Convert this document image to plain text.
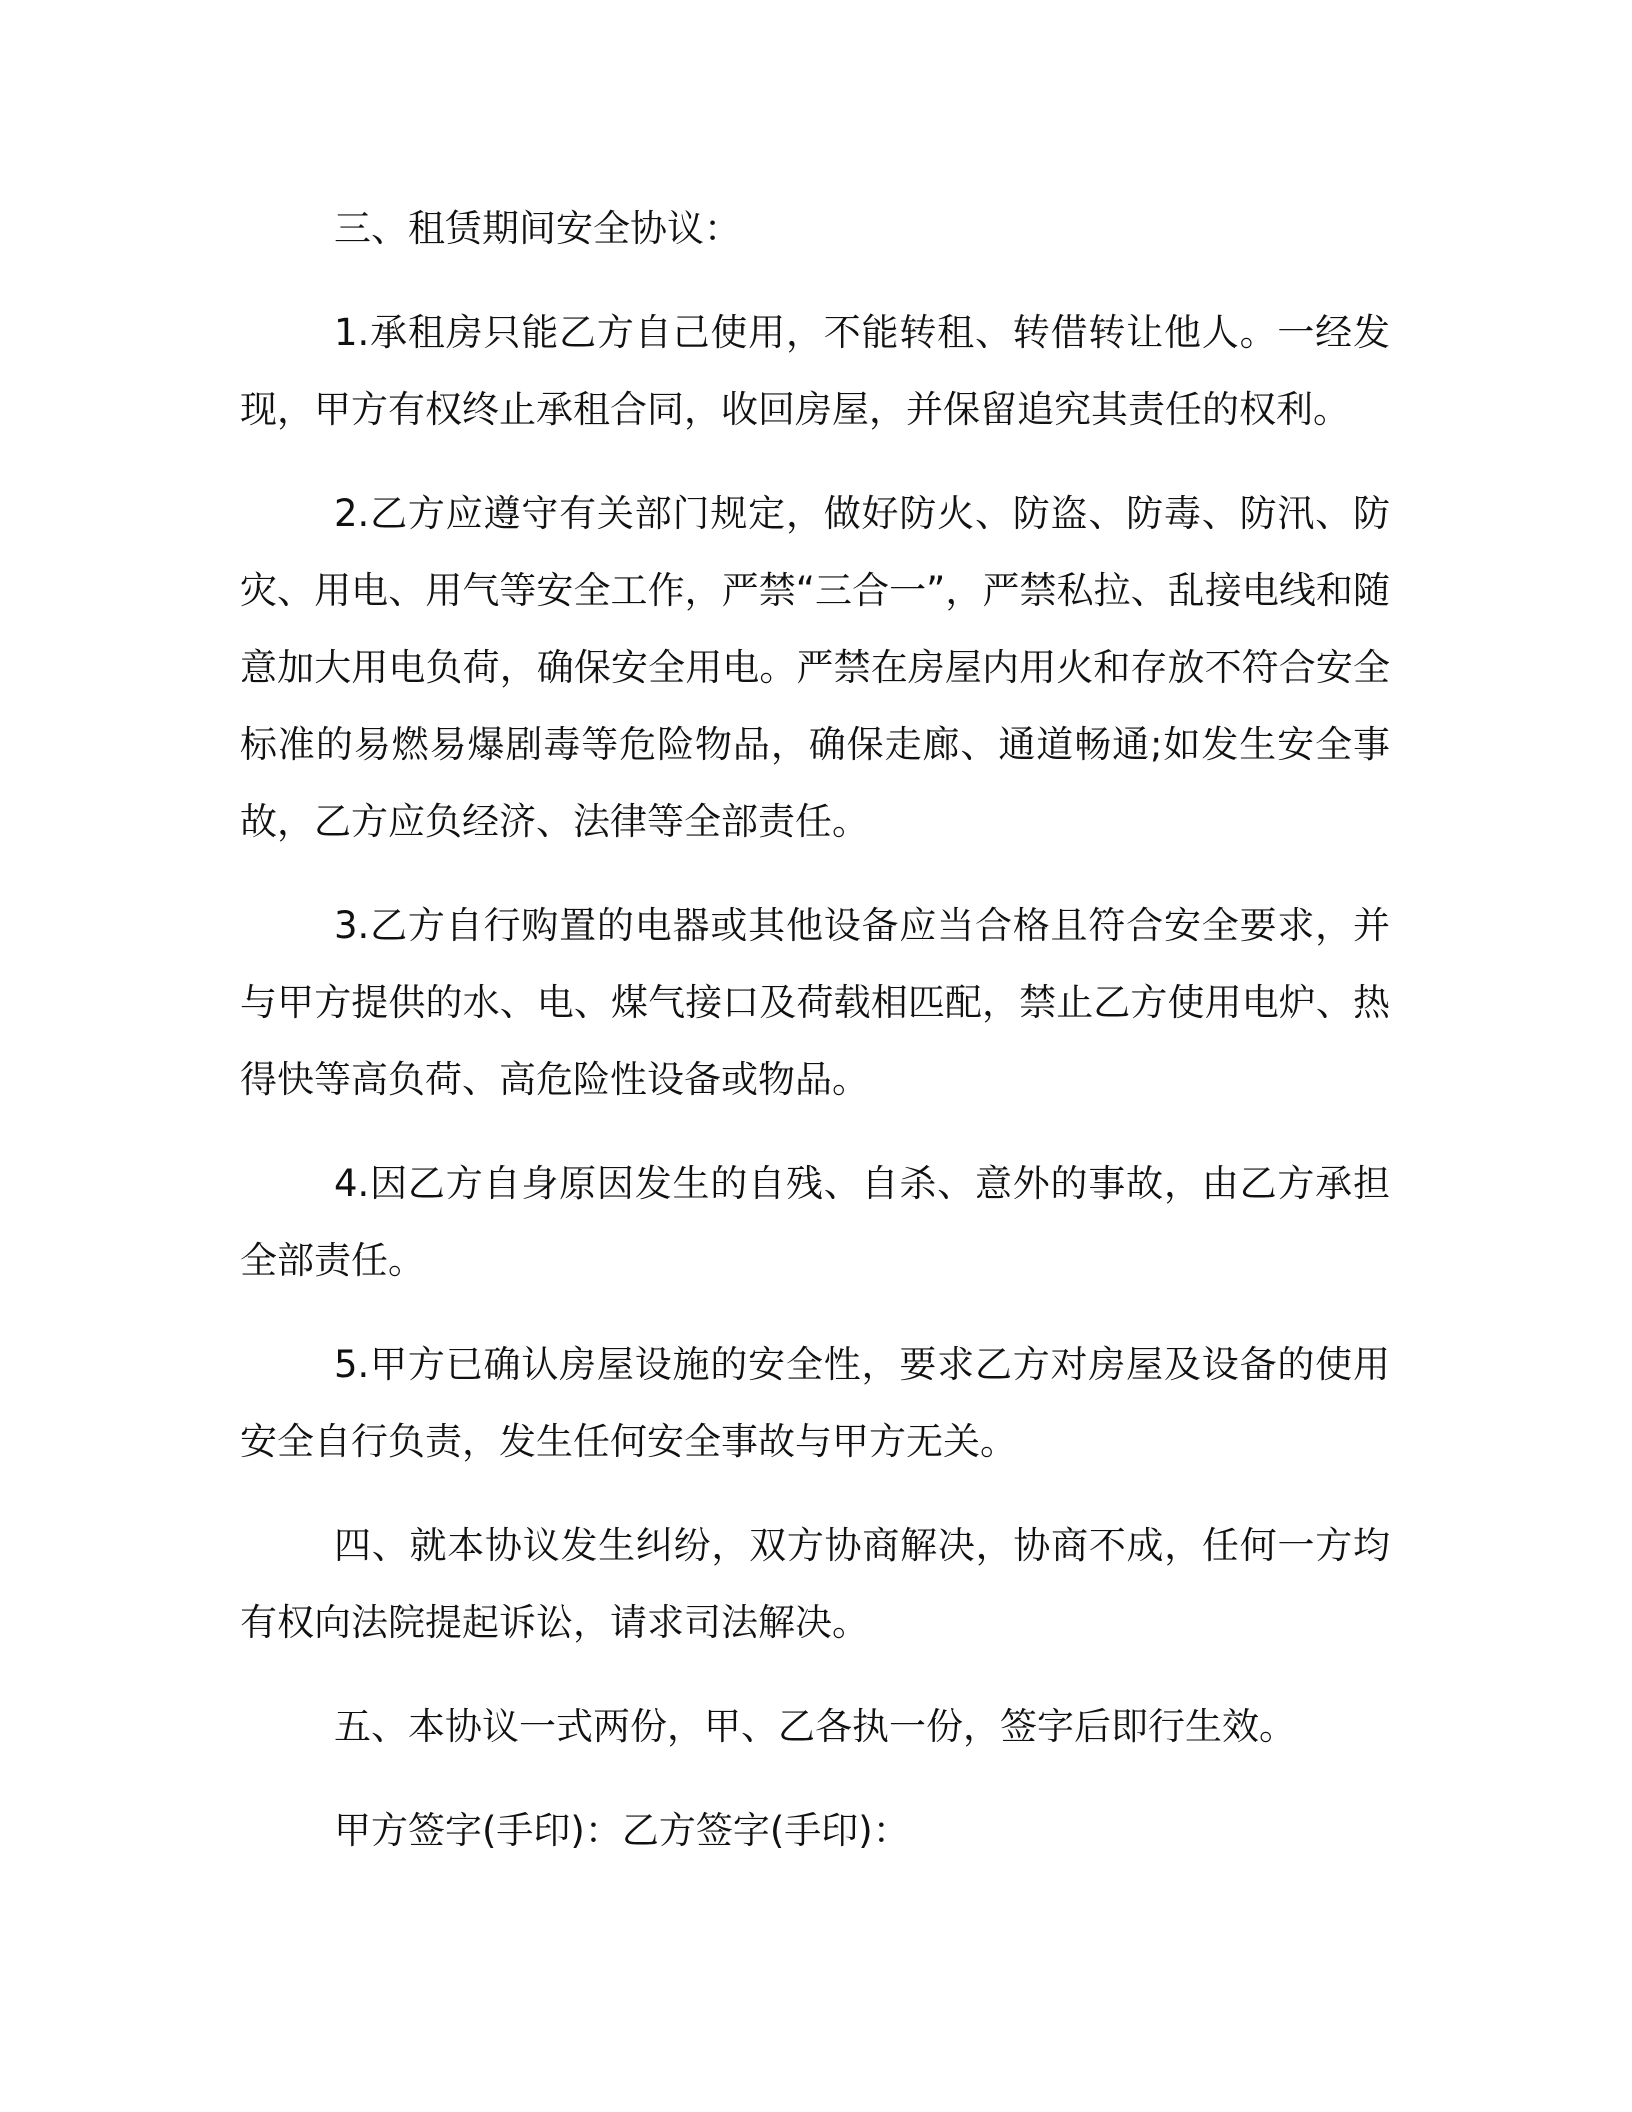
三、租赁期间安全协议：

1.承租房只能乙方自己使用，不能转租、转借转让他人。一经发现，甲方有权终止承租合同，收回房屋，并保留追究其责任的权利。

2.乙方应遵守有关部门规定，做好防火、防盗、防毒、防汛、防灾、用电、用气等安全工作，严禁“三合一”，严禁私拉、乱接电线和随意加大用电负荷，确保安全用电。严禁在房屋内用火和存放不符合安全标准的易燃易爆剧毒等危险物品，确保走廊、通道畅通;如发生安全事故，乙方应负经济、法律等全部责任。

3.乙方自行购置的电器或其他设备应当合格且符合安全要求，并与甲方提供的水、电、煤气接口及荷载相匹配，禁止乙方使用电炉、热得快等高负荷、高危险性设备或物品。

4.因乙方自身原因发生的自残、自杀、意外的事故，由乙方承担全部责任。

5.甲方已确认房屋设施的安全性，要求乙方对房屋及设备的使用安全自行负责，发生任何安全事故与甲方无关。

四、就本协议发生纠纷，双方协商解决，协商不成，任何一方均有权向法院提起诉讼，请求司法解决。

五、本协议一式两份，甲、乙各执一份，签字后即行生效。

甲方签字(手印)：乙方签字(手印)：
